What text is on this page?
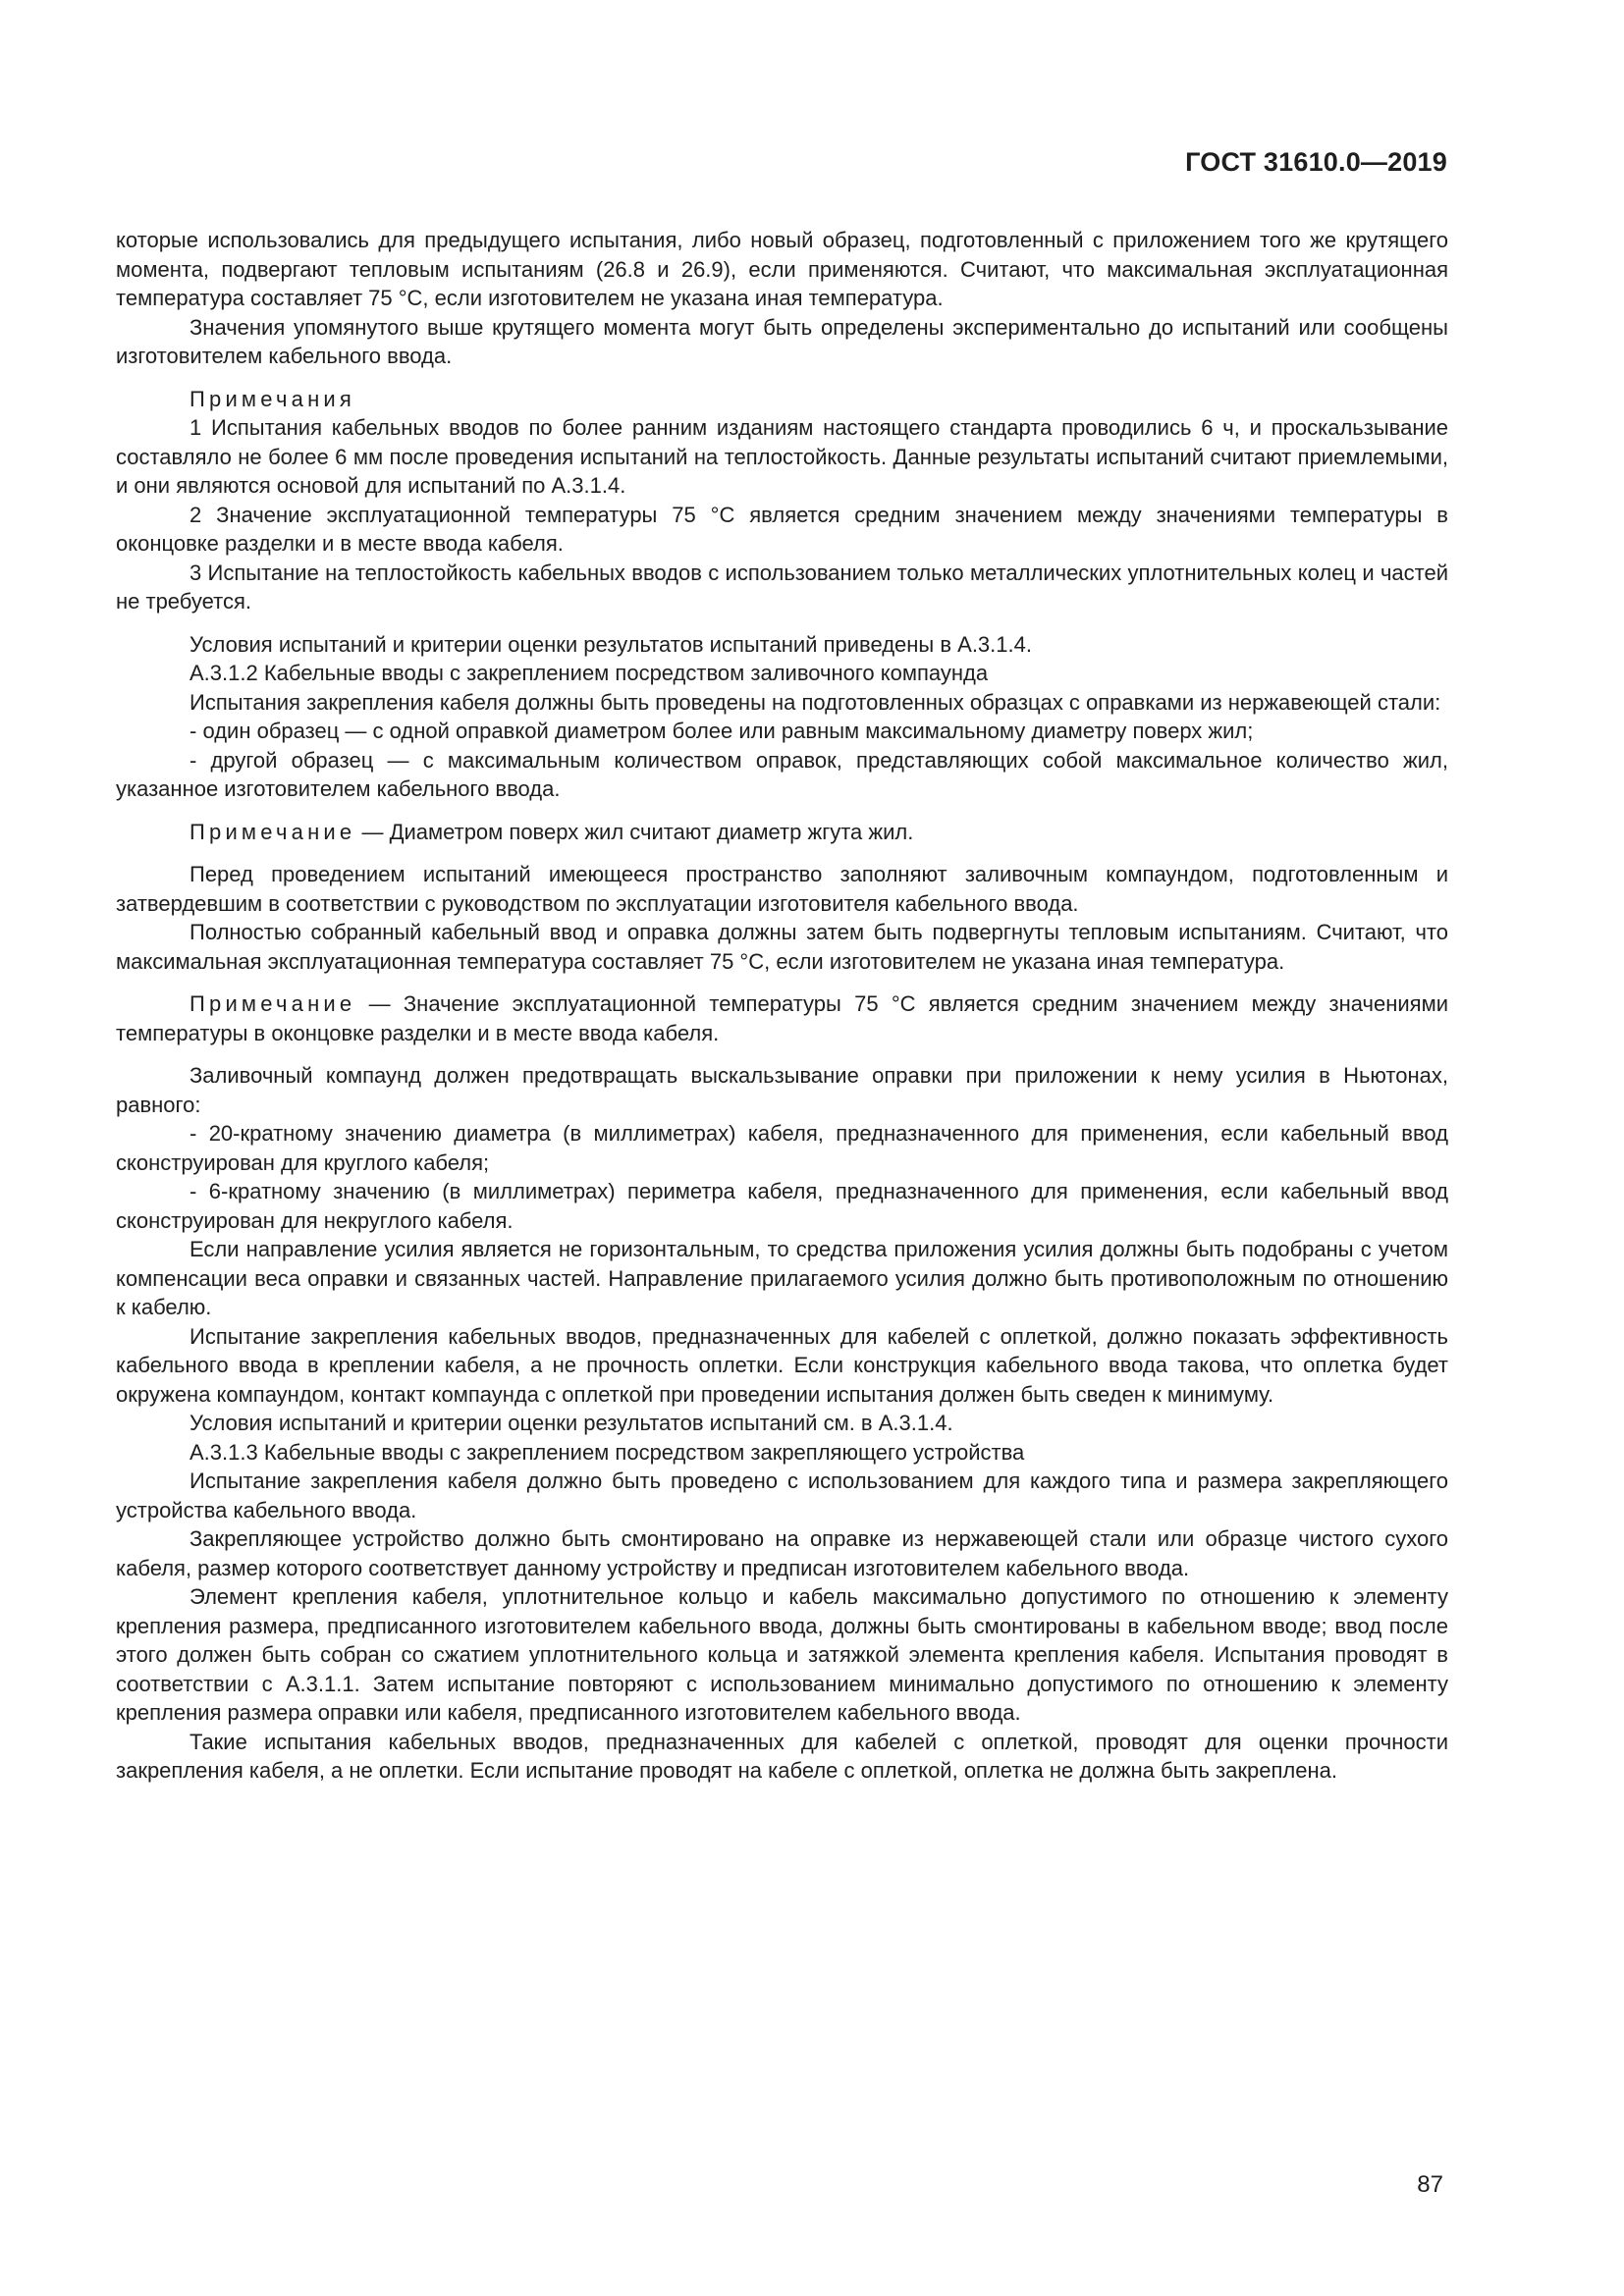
ГОСТ 31610.0—2019

которые использовались для предыдущего испытания, либо новый образец, подготовленный с приложением того же крутящего момента, подвергают тепловым испытаниям (26.8 и 26.9), если применяются. Считают, что максимальная эксплуатационная температура составляет 75 °С, если изготовителем не указана иная температура.

Значения упомянутого выше крутящего момента могут быть определены экспериментально до испытаний или сообщены изготовителем кабельного ввода.

Примечания

1 Испытания кабельных вводов по более ранним изданиям настоящего стандарта проводились 6 ч, и проскальзывание составляло не более 6 мм после проведения испытаний на теплостойкость. Данные результаты испытаний считают приемлемыми, и они являются основой для испытаний по А.3.1.4.

2 Значение эксплуатационной температуры 75 °С является средним значением между значениями температуры в оконцовке разделки и в месте ввода кабеля.

3 Испытание на теплостойкость кабельных вводов с использованием только металлических уплотнительных колец и частей не требуется.

Условия испытаний и критерии оценки результатов испытаний приведены в А.3.1.4.

А.3.1.2 Кабельные вводы с закреплением посредством заливочного компаунда

Испытания закрепления кабеля должны быть проведены на подготовленных образцах с оправками из нержавеющей стали:

- один образец — с одной оправкой диаметром более или равным максимальному диаметру поверх жил;

- другой образец — с максимальным количеством оправок, представляющих собой максимальное количество жил, указанное изготовителем кабельного ввода.

Примечание — Диаметром поверх жил считают диаметр жгута жил.

Перед проведением испытаний имеющееся пространство заполняют заливочным компаундом, подготовленным и затвердевшим в соответствии с руководством по эксплуатации изготовителя кабельного ввода.

Полностью собранный кабельный ввод и оправка должны затем быть подвергнуты тепловым испытаниям. Считают, что максимальная эксплуатационная температура составляет 75 °С, если изготовителем не указана иная температура.

Примечание — Значение эксплуатационной температуры 75 °С является средним значением между значениями температуры в оконцовке разделки и в месте ввода кабеля.

Заливочный компаунд должен предотвращать выскальзывание оправки при приложении к нему усилия в Ньютонах, равного:

- 20-кратному значению диаметра (в миллиметрах) кабеля, предназначенного для применения, если кабельный ввод сконструирован для круглого кабеля;

- 6-кратному значению (в миллиметрах) периметра кабеля, предназначенного для применения, если кабельный ввод сконструирован для некруглого кабеля.

Если направление усилия является не горизонтальным, то средства приложения усилия должны быть подобраны с учетом компенсации веса оправки и связанных частей. Направление прилагаемого усилия должно быть противоположным по отношению к кабелю.

Испытание закрепления кабельных вводов, предназначенных для кабелей с оплеткой, должно показать эффективность кабельного ввода в креплении кабеля, а не прочность оплетки. Если конструкция кабельного ввода такова, что оплетка будет окружена компаундом, контакт компаунда с оплеткой при проведении испытания должен быть сведен к минимуму.

Условия испытаний и критерии оценки результатов испытаний см. в А.3.1.4.

А.3.1.3 Кабельные вводы с закреплением посредством закрепляющего устройства

Испытание закрепления кабеля должно быть проведено с использованием для каждого типа и размера закрепляющего устройства кабельного ввода.

Закрепляющее устройство должно быть смонтировано на оправке из нержавеющей стали или образце чистого сухого кабеля, размер которого соответствует данному устройству и предписан изготовителем кабельного ввода.

Элемент крепления кабеля, уплотнительное кольцо и кабель максимально допустимого по отношению к элементу крепления размера, предписанного изготовителем кабельного ввода, должны быть смонтированы в кабельном вводе; ввод после этого должен быть собран со сжатием уплотнительного кольца и затяжкой элемента крепления кабеля. Испытания проводят в соответствии с А.3.1.1. Затем испытание повторяют с использованием минимально допустимого по отношению к элементу крепления размера оправки или кабеля, предписанного изготовителем кабельного ввода.

Такие испытания кабельных вводов, предназначенных для кабелей с оплеткой, проводят для оценки прочности закрепления кабеля, а не оплетки. Если испытание проводят на кабеле с оплеткой, оплетка не должна быть закреплена.

87
